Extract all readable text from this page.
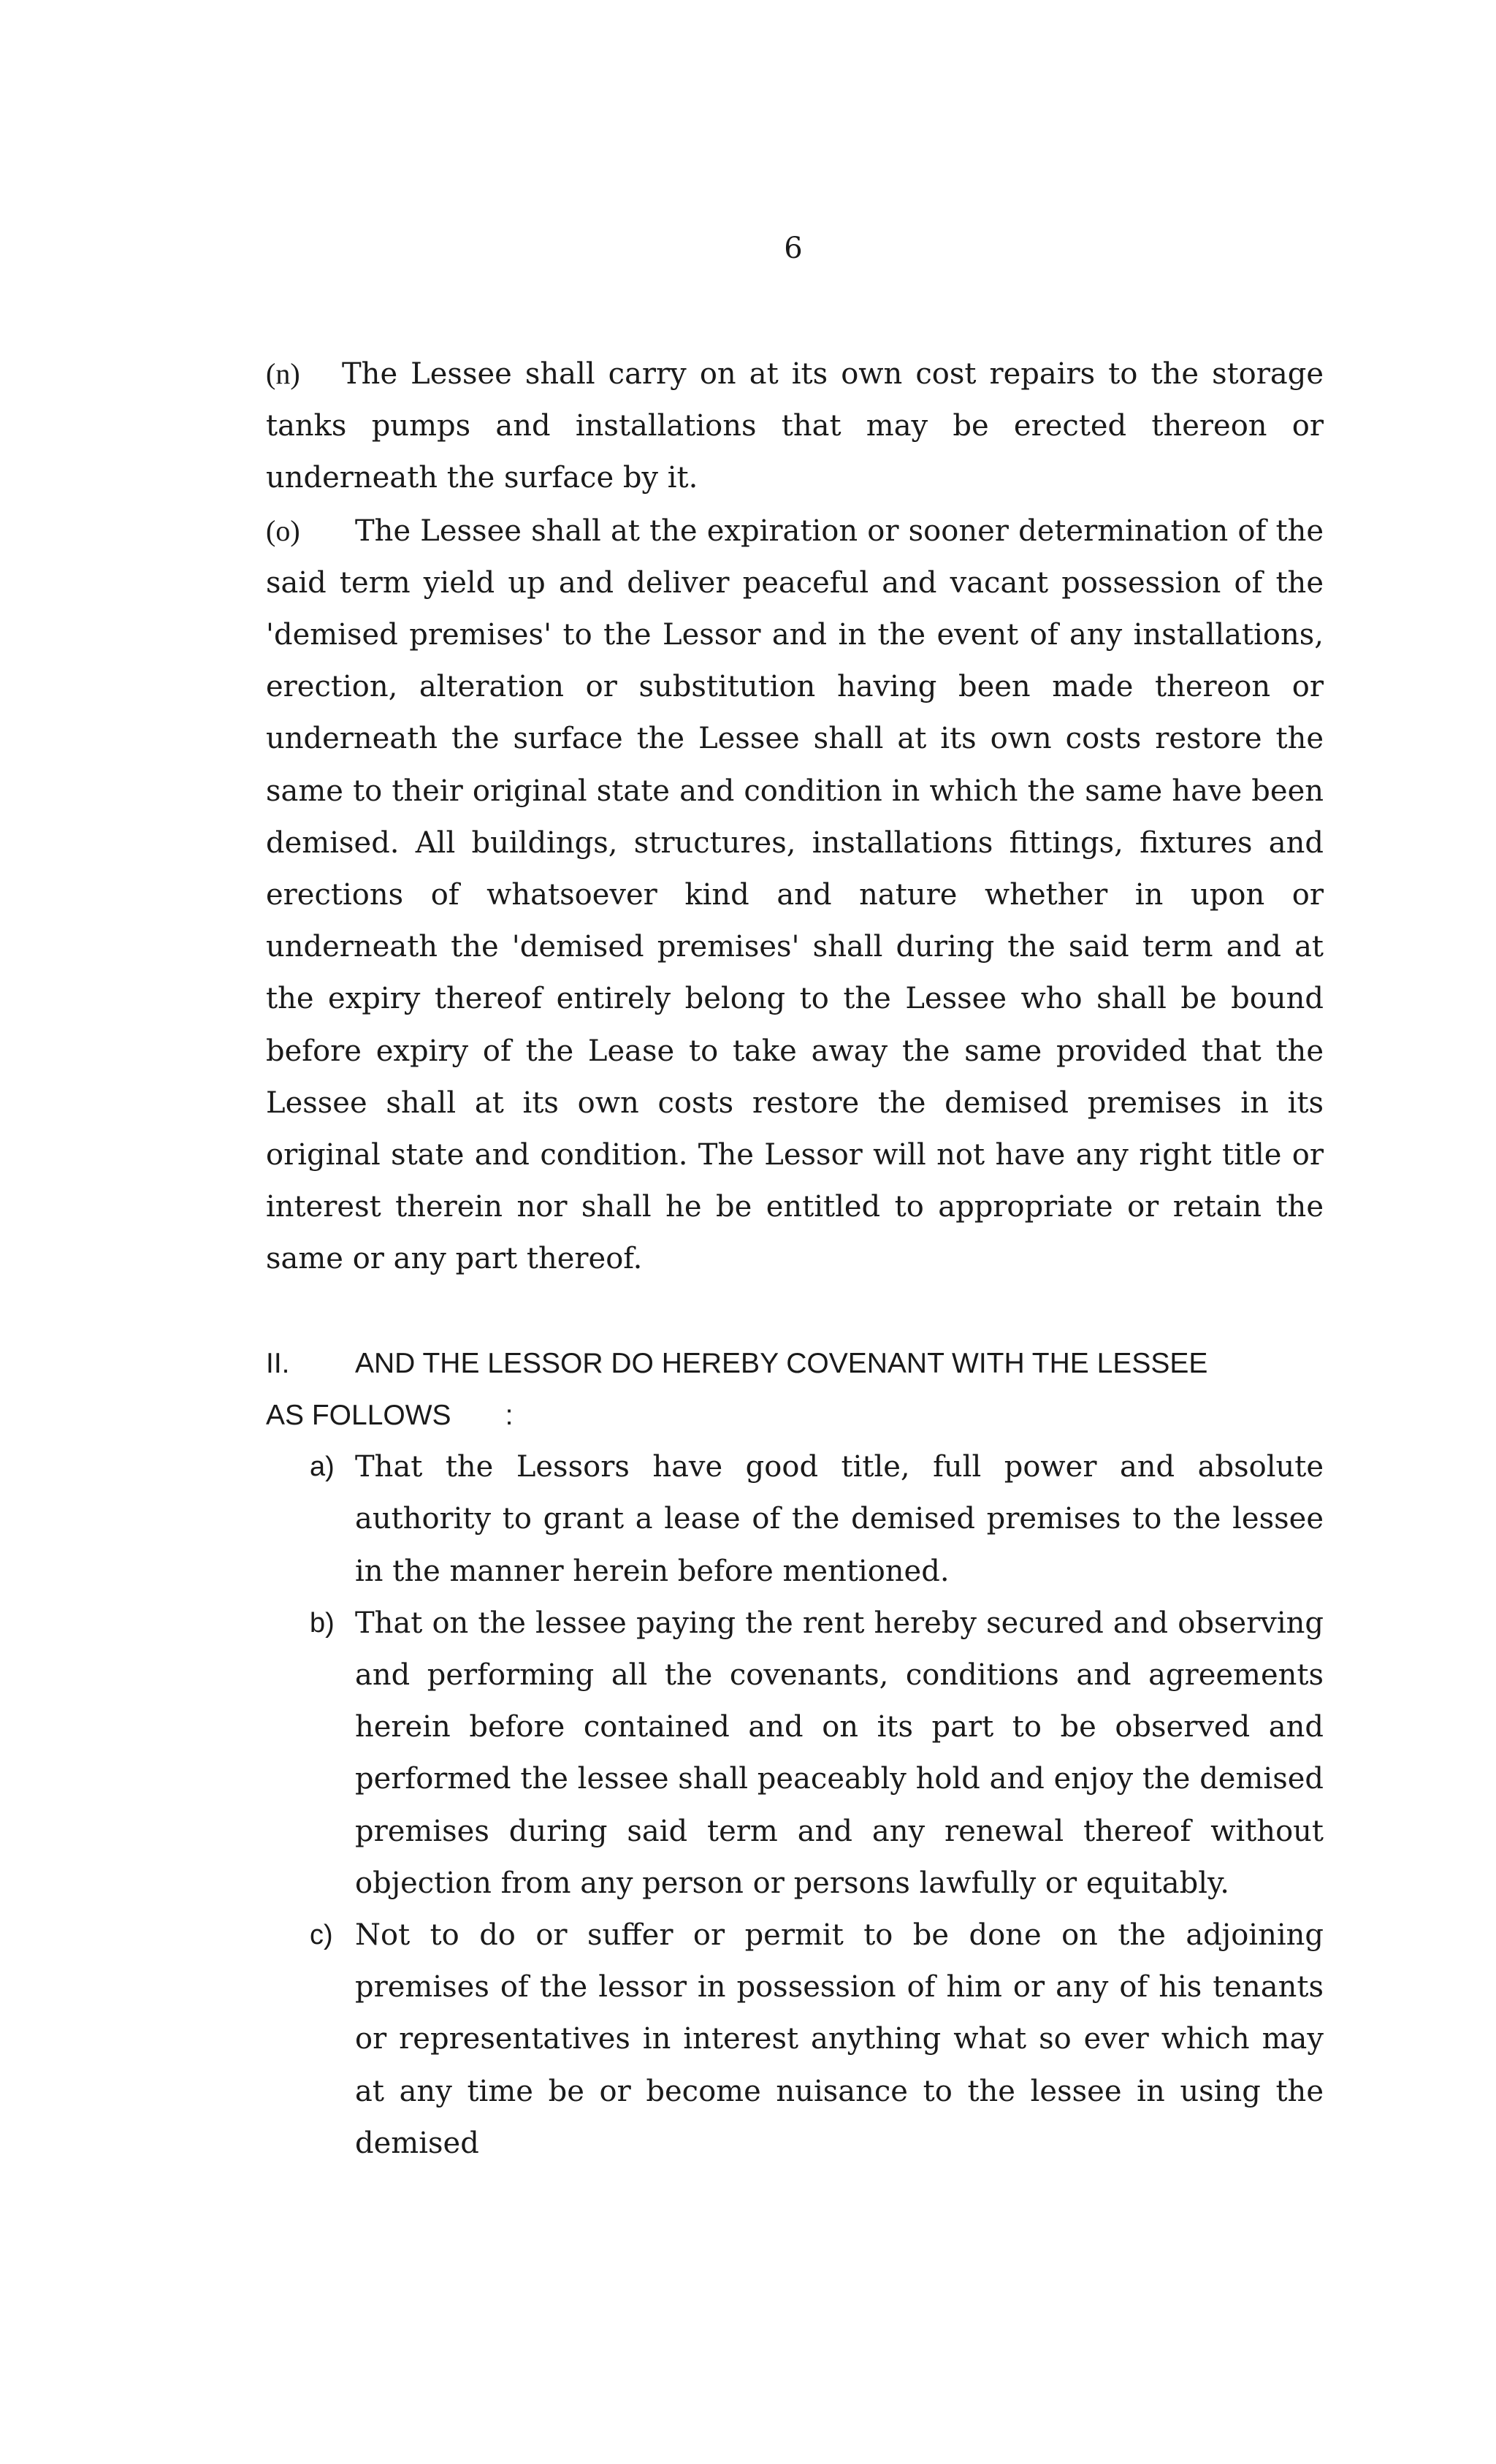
6

(n) The Lessee shall carry on at its own cost repairs to the storage tanks pumps and installations that may be erected thereon or underneath the surface by it.

(o) The Lessee shall at the expiration or sooner determination of the said term yield up and deliver peaceful and vacant possession of the 'demised premises' to the Lessor and in the event of any installations, erection, alteration or substitution having been made thereon or underneath the surface the Lessee shall at its own costs restore the same to their original state and condition in which the same have been demised. All buildings, structures, installations fittings, fixtures and erections of whatsoever kind and nature whether in upon or underneath the 'demised premises' shall during the said term and at the expiry thereof entirely belong to the Lessee who shall be bound before expiry of the Lease to take away the same provided that the Lessee shall at its own costs restore the demised premises in its original state and condition. The Lessor will not have any right title or interest therein nor shall he be entitled to appropriate or retain the same or any part thereof.

II. AND THE LESSOR DO HEREBY COVENANT WITH THE LESSEE
AS FOLLOWS :
a) That the Lessors have good title, full power and absolute authority to grant a lease of the demised premises to the lessee in the manner herein before mentioned.
b) That on the lessee paying the rent hereby secured and observing and performing all the covenants, conditions and agreements herein before contained and on its part to be observed and performed the lessee shall peaceably hold and enjoy the demised premises during said term and any renewal thereof without objection from any person or persons lawfully or equitably.
c) Not to do or suffer or permit to be done on the adjoining premises of the lessor in possession of him or any of his tenants or representatives in interest anything what so ever which may at any time be or become nuisance to the lessee in using the demised
